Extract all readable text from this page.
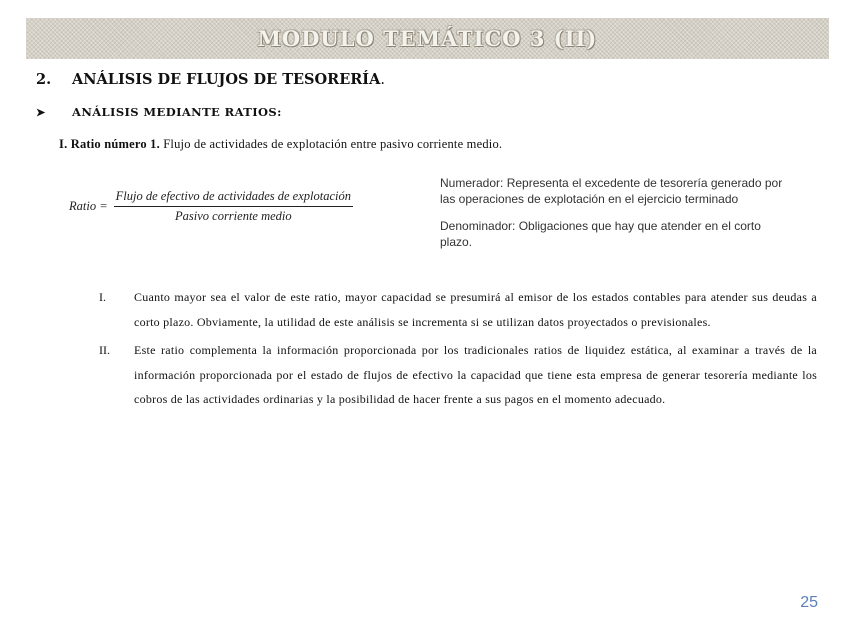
MODULO TEMÁTICO 3 (II)
2. ANÁLISIS DE FLUJOS DE TESORERÍA.
➤ ANÁLISIS MEDIANTE RATIOS:
I. Ratio número 1. Flujo de actividades de explotación entre pasivo corriente medio.
Ratio = $\frac{\text{Flujo de efectivo de actividades de explotación}}{\text{Pasivo corriente medio}}$

Numerador: Representa el excedente de tesorería generado por las operaciones de explotación en el ejercicio terminado

Denominador: Obligaciones que hay que atender en el corto plazo.

I.	Cuanto mayor sea el valor de este ratio, mayor capacidad se presumirá al emisor de los estados contables para atender sus deudas a corto plazo. Obviamente, la utilidad de este análisis se incrementa si se utilizan datos proyectados o previsionales.
II.	Este ratio complementa la información proporcionada por los tradicionales ratios de liquidez estática, al examinar a través de la información proporcionada por el estado de flujos de efectivo la capacidad que tiene esta empresa de generar tesorería mediante los cobros de las actividades ordinarias y la posibilidad de hacer frente a sus pagos en el momento adecuado.
25
